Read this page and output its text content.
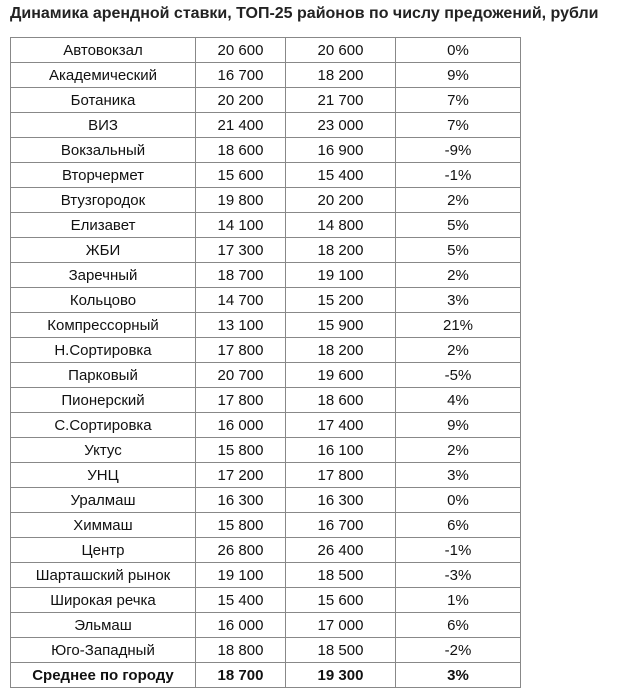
Динамика арендной ставки, ТОП-25 районов по числу предожений, рубли
Автовокзал	20 600	20 600	0%
Академический	16 700	18 200	9%
Ботаника	20 200	21 700	7%
ВИЗ	21 400	23 000	7%
Вокзальный	18 600	16 900	-9%
Вторчермет	15 600	15 400	-1%
Втузгородок	19 800	20 200	2%
Елизавет	14 100	14 800	5%
ЖБИ	17 300	18 200	5%
Заречный	18 700	19 100	2%
Кольцово	14 700	15 200	3%
Компрессорный	13 100	15 900	21%
Н.Сортировка	17 800	18 200	2%
Парковый	20 700	19 600	-5%
Пионерский	17 800	18 600	4%
С.Сортировка	16 000	17 400	9%
Уктус	15 800	16 100	2%
УНЦ	17 200	17 800	3%
Уралмаш	16 300	16 300	0%
Химмаш	15 800	16 700	6%
Центр	26 800	26 400	-1%
Шарташский рынок	19 100	18 500	-3%
Широкая речка	15 400	15 600	1%
Эльмаш	16 000	17 000	6%
Юго-Западный	18 800	18 500	-2%
Среднее по городу	18 700	19 300	3%
